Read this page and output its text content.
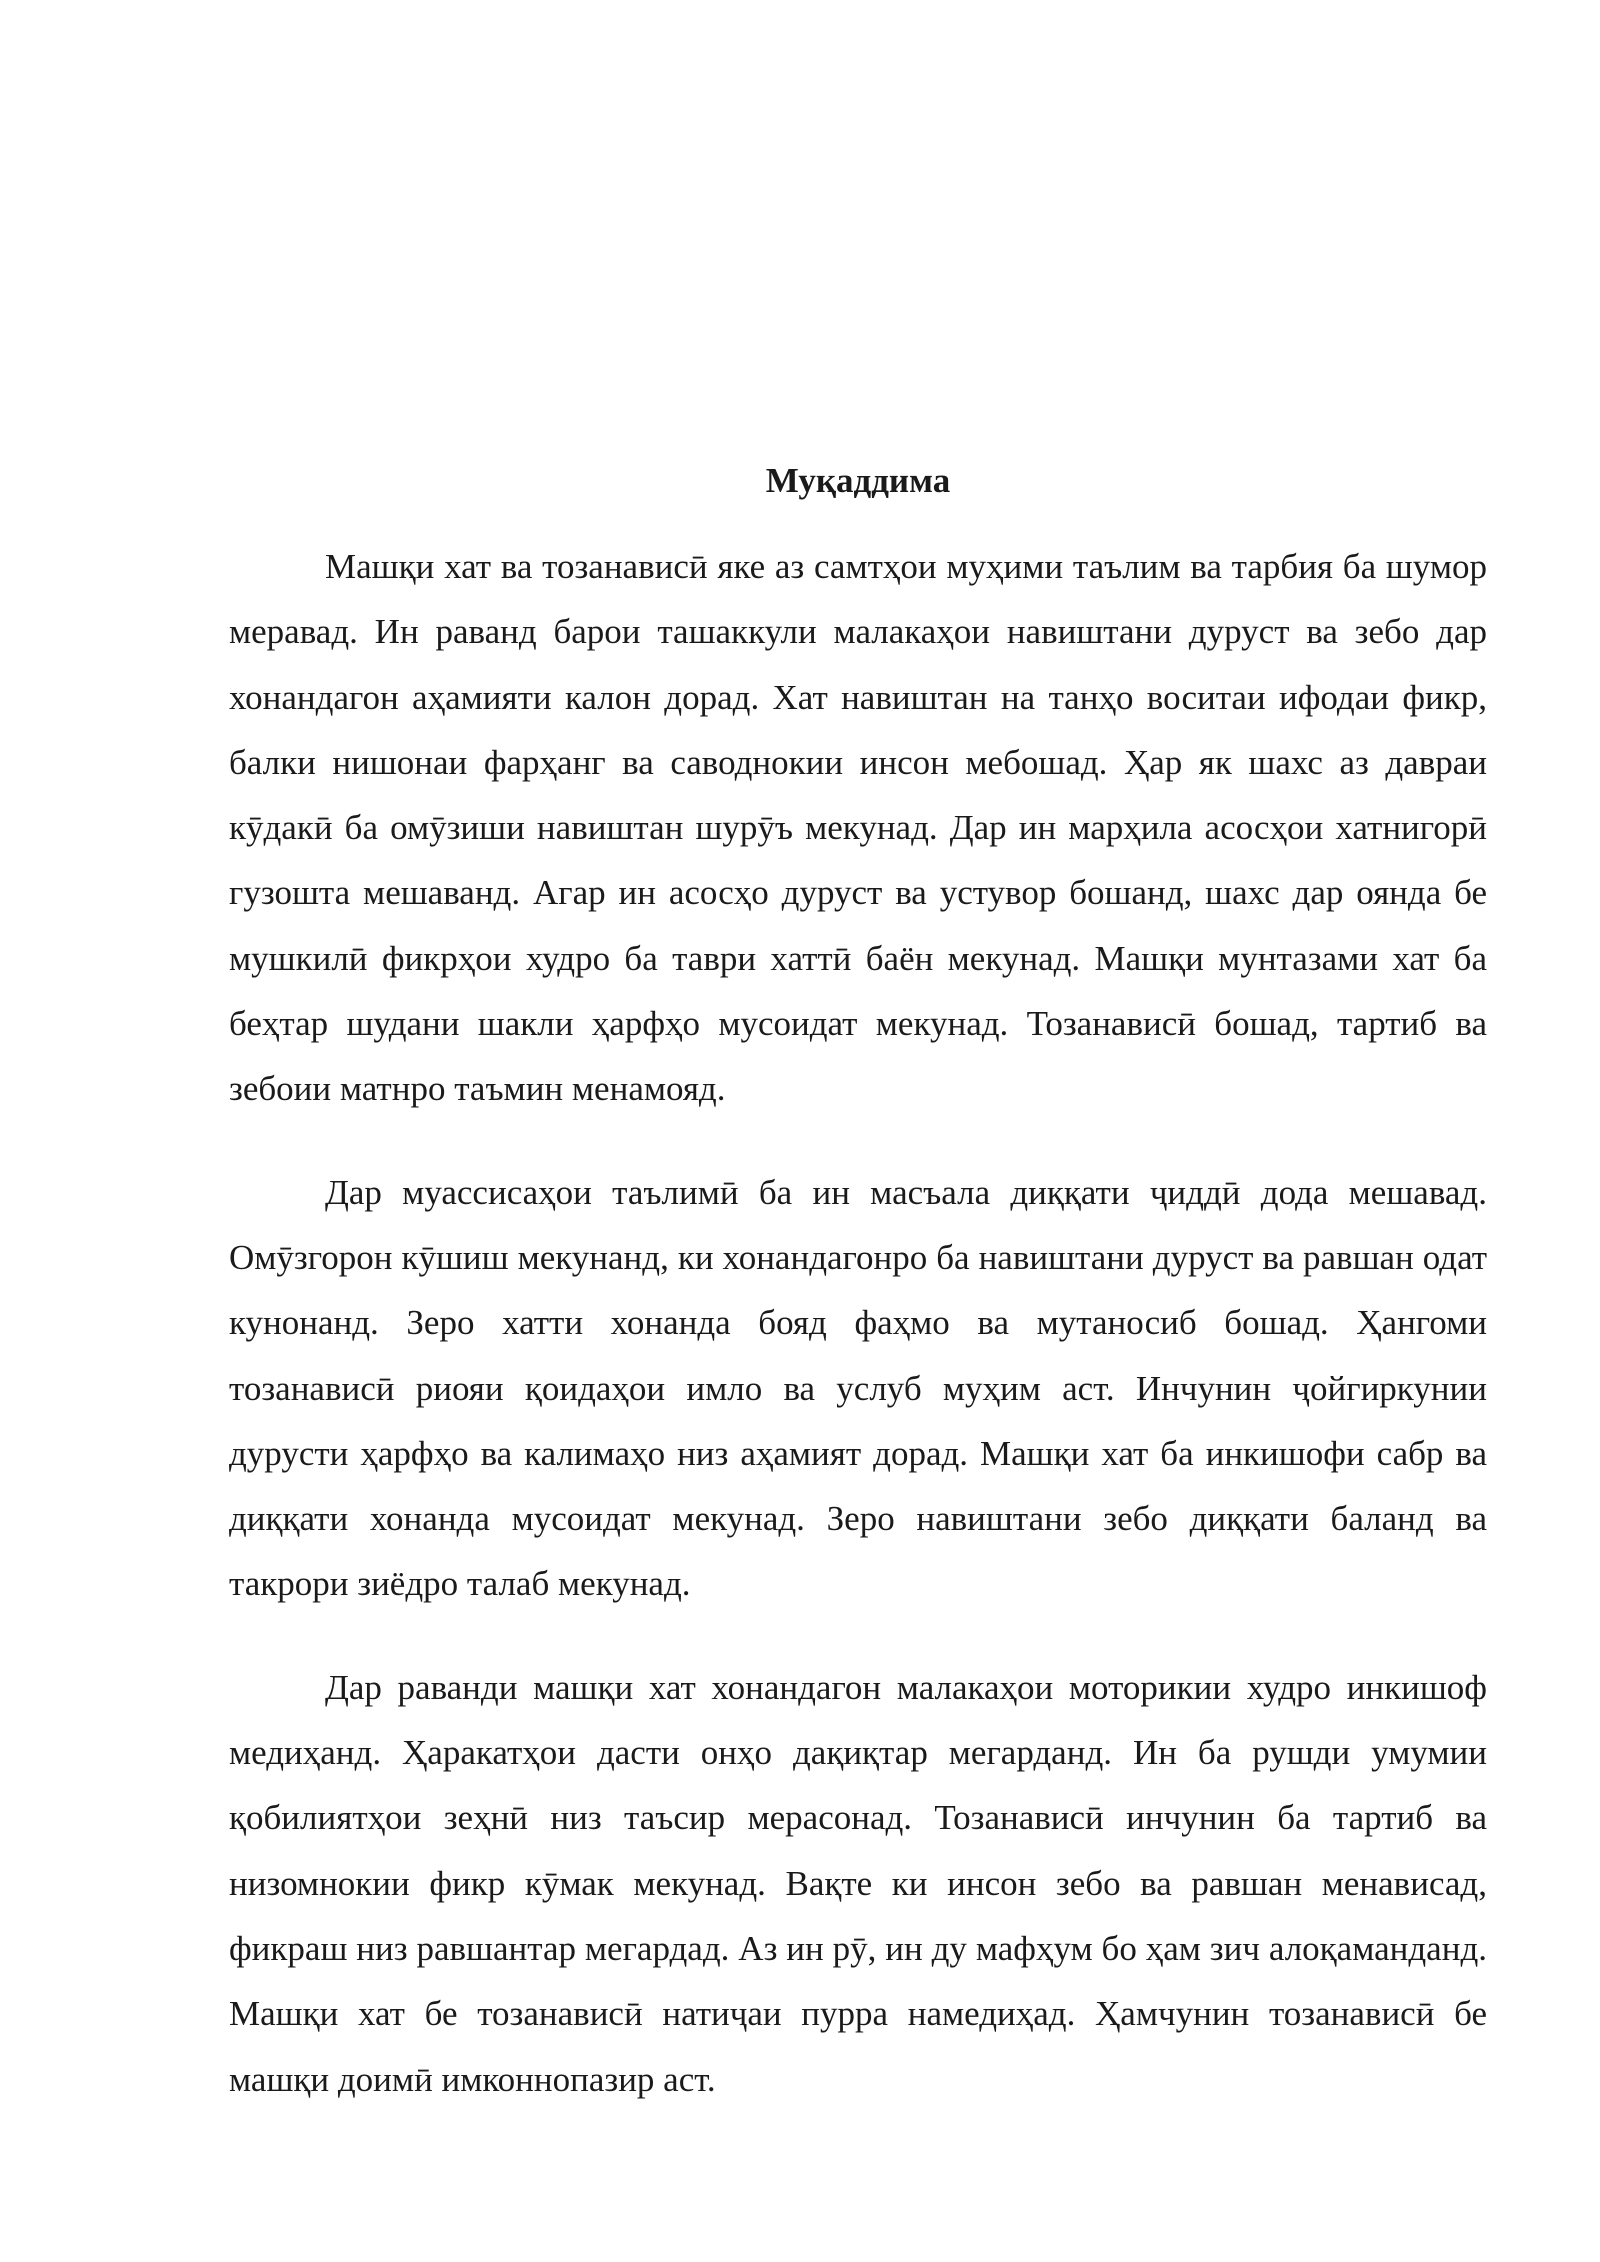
Муқаддима

Машқи хат ва тозанависӣ яке аз самтҳои муҳими таълим ва тарбия ба шумор меравад. Ин раванд барои ташаккули малакаҳои навиштани дуруст ва зебо дар хонандагон аҳамияти калон дорад. Хат навиштан на танҳо воситаи ифодаи фикр, балки нишонаи фарҳанг ва саводнокии инсон мебошад. Ҳар як шахс аз давраи кӯдакӣ ба омӯзиши навиштан шурӯъ мекунад. Дар ин марҳила асосҳои хатнигорӣ гузошта мешаванд. Агар ин асосҳо дуруст ва устувор бошанд, шахс дар оянда бе мушкилӣ фикрҳои худро ба таври хаттӣ баён мекунад. Машқи мунтазами хат ба беҳтар шудани шакли ҳарфҳо мусоидат мекунад. Тозанависӣ бошад, тартиб ва зебоии матнро таъмин менамояд.

Дар муассисаҳои таълимӣ ба ин масъала диққати ҷиддӣ дода мешавад. Омӯзгорон кӯшиш мекунанд, ки хонандагонро ба навиштани дуруст ва равшан одат кунонанд. Зеро хатти хонанда бояд фаҳмо ва мутаносиб бошад. Ҳангоми тозанависӣ риояи қоидаҳои имло ва услуб муҳим аст. Инчунин ҷойгиркунии дурусти ҳарфҳо ва калимаҳо низ аҳамият дорад. Машқи хат ба инкишофи сабр ва диққати хонанда мусоидат мекунад. Зеро навиштани зебо диққати баланд ва такрори зиёдро талаб мекунад.

Дар раванди машқи хат хонандагон малакаҳои моторикии худро инкишоф медиҳанд. Ҳаракатҳои дасти онҳо дақиқтар мегарданд. Ин ба рушди умумии қобилиятҳои зеҳнӣ низ таъсир мерасонад. Тозанависӣ инчунин ба тартиб ва низомнокии фикр кӯмак мекунад. Вақте ки инсон зебо ва равшан менависад, фикраш низ равшантар мегардад. Аз ин рӯ, ин ду мафҳум бо ҳам зич алоқаманданд. Машқи хат бе тозанависӣ натиҷаи пурра намедиҳад. Ҳамчунин тозанависӣ бе машқи доимӣ имконнопазир аст.
